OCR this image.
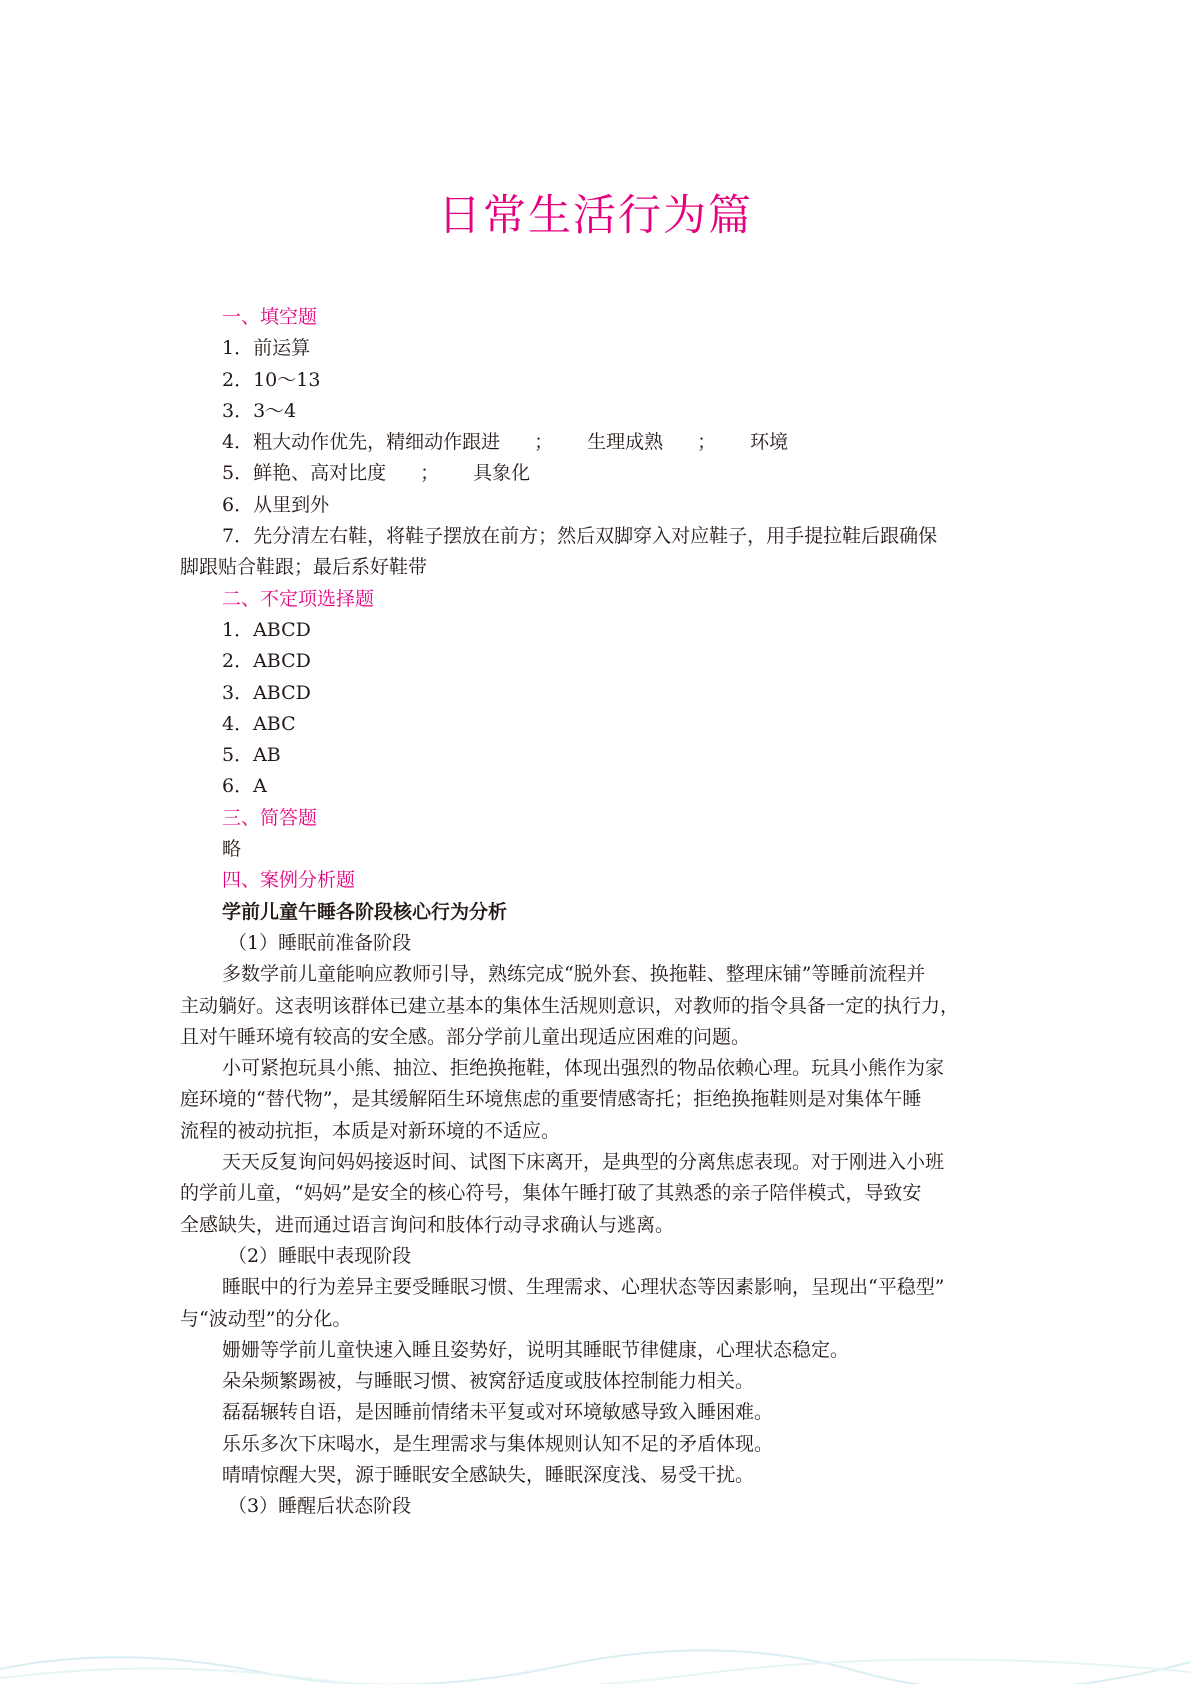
日常生活行为篇

一、填空题

1．前运算

2．10～13

3．3～4

4．粗大动作优先，精细动作跟进 ； 生理成熟 ； 环境

5．鲜艳、高对比度 ； 具象化

6．从里到外

7．先分清左右鞋，将鞋子摆放在前方；然后双脚穿入对应鞋子，用手提拉鞋后跟确保

脚跟贴合鞋跟；最后系好鞋带

二、不定项选择题

1．ABCD

2．ABCD

3．ABCD

4．ABC

5．AB

6．A

三、简答题

略

四、案例分析题

学前儿童午睡各阶段核心行为分析

（1）睡眠前准备阶段

多数学前儿童能响应教师引导，熟练完成“脱外套、换拖鞋、整理床铺”等睡前流程并

主动躺好。这表明该群体已建立基本的集体生活规则意识，对教师的指令具备一定的执行力，

且对午睡环境有较高的安全感。部分学前儿童出现适应困难的问题。

小可紧抱玩具小熊、抽泣、拒绝换拖鞋，体现出强烈的物品依赖心理。玩具小熊作为家

庭环境的“替代物”，是其缓解陌生环境焦虑的重要情感寄托；拒绝换拖鞋则是对集体午睡

流程的被动抗拒，本质是对新环境的不适应。

天天反复询问妈妈接返时间、试图下床离开，是典型的分离焦虑表现。对于刚进入小班

的学前儿童，“妈妈”是安全的核心符号，集体午睡打破了其熟悉的亲子陪伴模式，导致安

全感缺失，进而通过语言询问和肢体行动寻求确认与逃离。

（2）睡眠中表现阶段

睡眠中的行为差异主要受睡眠习惯、生理需求、心理状态等因素影响，呈现出“平稳型”

与“波动型”的分化。

姗姗等学前儿童快速入睡且姿势好，说明其睡眠节律健康，心理状态稳定。

朵朵频繁踢被，与睡眠习惯、被窝舒适度或肢体控制能力相关。

磊磊辗转自语，是因睡前情绪未平复或对环境敏感导致入睡困难。

乐乐多次下床喝水，是生理需求与集体规则认知不足的矛盾体现。

晴晴惊醒大哭，源于睡眠安全感缺失，睡眠深度浅、易受干扰。

（3）睡醒后状态阶段
